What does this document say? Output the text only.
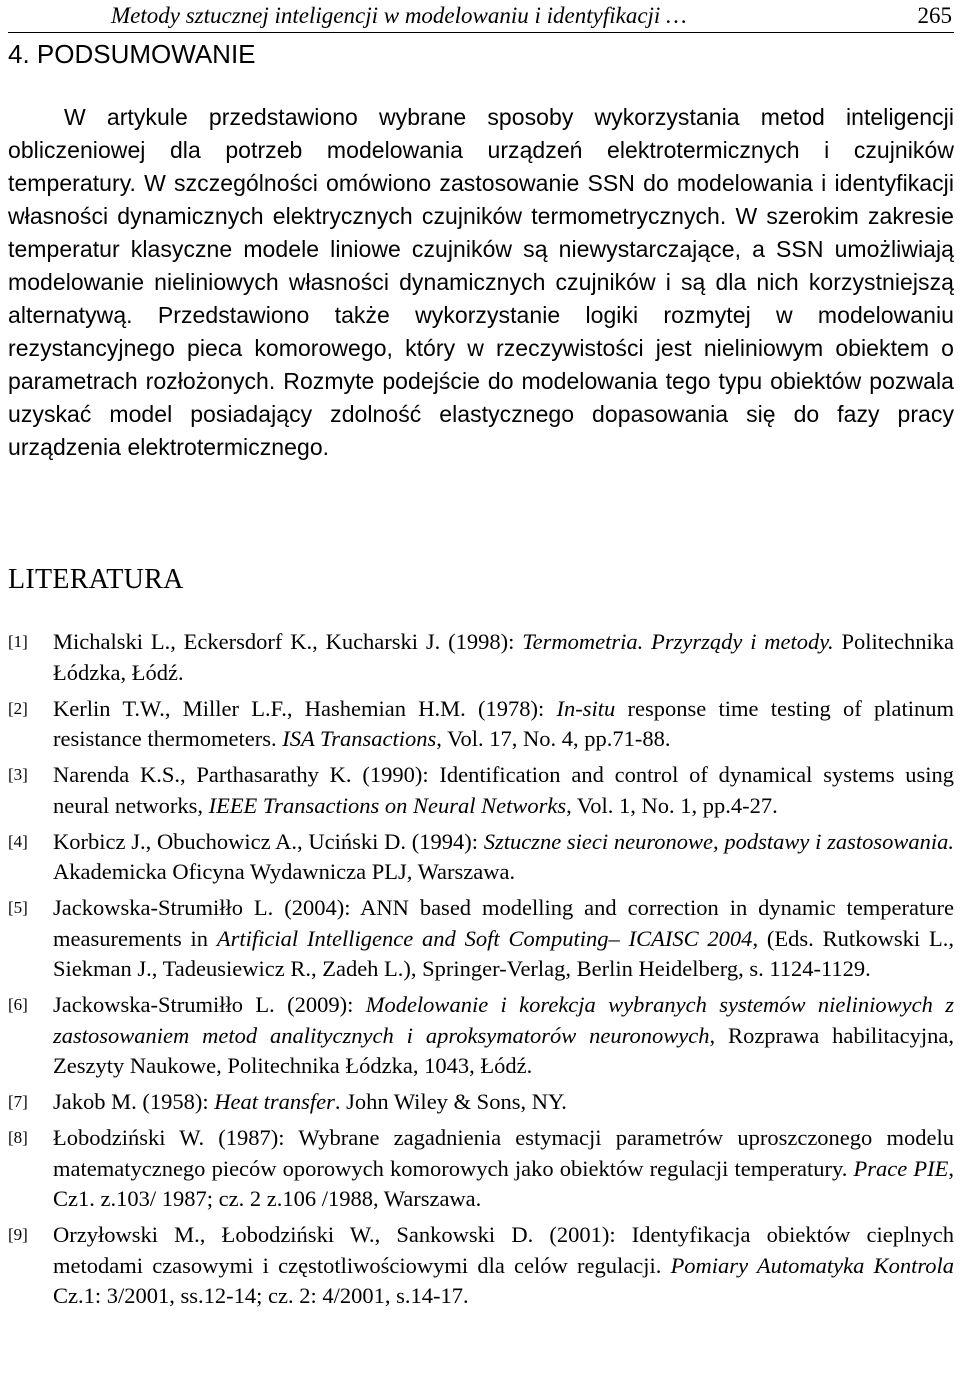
Metody sztucznej inteligencji w modelowaniu i identyfikacji …	265
4. PODSUMOWANIE

W artykule przedstawiono wybrane sposoby wykorzystania metod inteligencji obliczeniowej dla potrzeb modelowania urządzeń elektrotermicznych i czujników temperatury. W szczególności omówiono zastosowanie SSN do modelowania i identyfikacji własności dynamicznych elektrycznych czujników termometrycznych. W szerokim zakresie temperatur klasyczne modele liniowe czujników są niewystarczające, a SSN umożliwiają modelowanie nieliniowych własności dynamicznych czujników i są dla nich korzystniejszą alternatywą. Przedstawiono także wykorzystanie logiki rozmytej w modelowaniu rezystancyjnego pieca komorowego, który w rzeczywistości jest nieliniowym obiektem o parametrach rozłożonych. Rozmyte podejście do modelowania tego typu obiektów pozwala uzyskać model posiadający zdolność elastycznego dopasowania się do fazy pracy urządzenia elektrotermicznego.

LITERATURA
[1] Michalski L., Eckersdorf K., Kucharski J. (1998): Termometria. Przyrządy i metody. Politechnika Łódzka, Łódź.
[2] Kerlin T.W., Miller L.F., Hashemian H.M. (1978): In-situ response time testing of platinum resistance thermometers. ISA Transactions, Vol. 17, No. 4, pp.71-88.
[3] Narenda K.S., Parthasarathy K. (1990): Identification and control of dynamical systems using neural networks, IEEE Transactions on Neural Networks, Vol. 1, No. 1, pp.4-27.
[4] Korbicz J., Obuchowicz A., Uciński D. (1994): Sztuczne sieci neuronowe, podstawy i zastosowania. Akademicka Oficyna Wydawnicza PLJ, Warszawa.
[5] Jackowska-Strumiłło L. (2004): ANN based modelling and correction in dynamic temperature measurements in Artificial Intelligence and Soft Computing– ICAISC 2004, (Eds. Rutkowski L., Siekman J., Tadeusiewicz R., Zadeh L.), Springer-Verlag, Berlin Heidelberg, s. 1124-1129.
[6] Jackowska-Strumiłło L. (2009): Modelowanie i korekcja wybranych systemów nieliniowych z zastosowaniem metod analitycznych i aproksymatorów neuronowych, Rozprawa habilitacyjna, Zeszyty Naukowe, Politechnika Łódzka, 1043, Łódź.
[7] Jakob M. (1958): Heat transfer. John Wiley & Sons, NY.
[8] Łobodziński W. (1987): Wybrane zagadnienia estymacji parametrów uproszczonego modelu matematycznego pieców oporowych komorowych jako obiektów regulacji temperatury. Prace PIE, Cz1. z.103/ 1987; cz. 2 z.106 /1988, Warszawa.
[9] Orzyłowski M., Łobodziński W., Sankowski D. (2001): Identyfikacja obiektów cieplnych metodami czasowymi i częstotliwościowymi dla celów regulacji. Pomiary Automatyka Kontrola Cz.1: 3/2001, ss.12-14; cz. 2: 4/2001, s.14-17.
